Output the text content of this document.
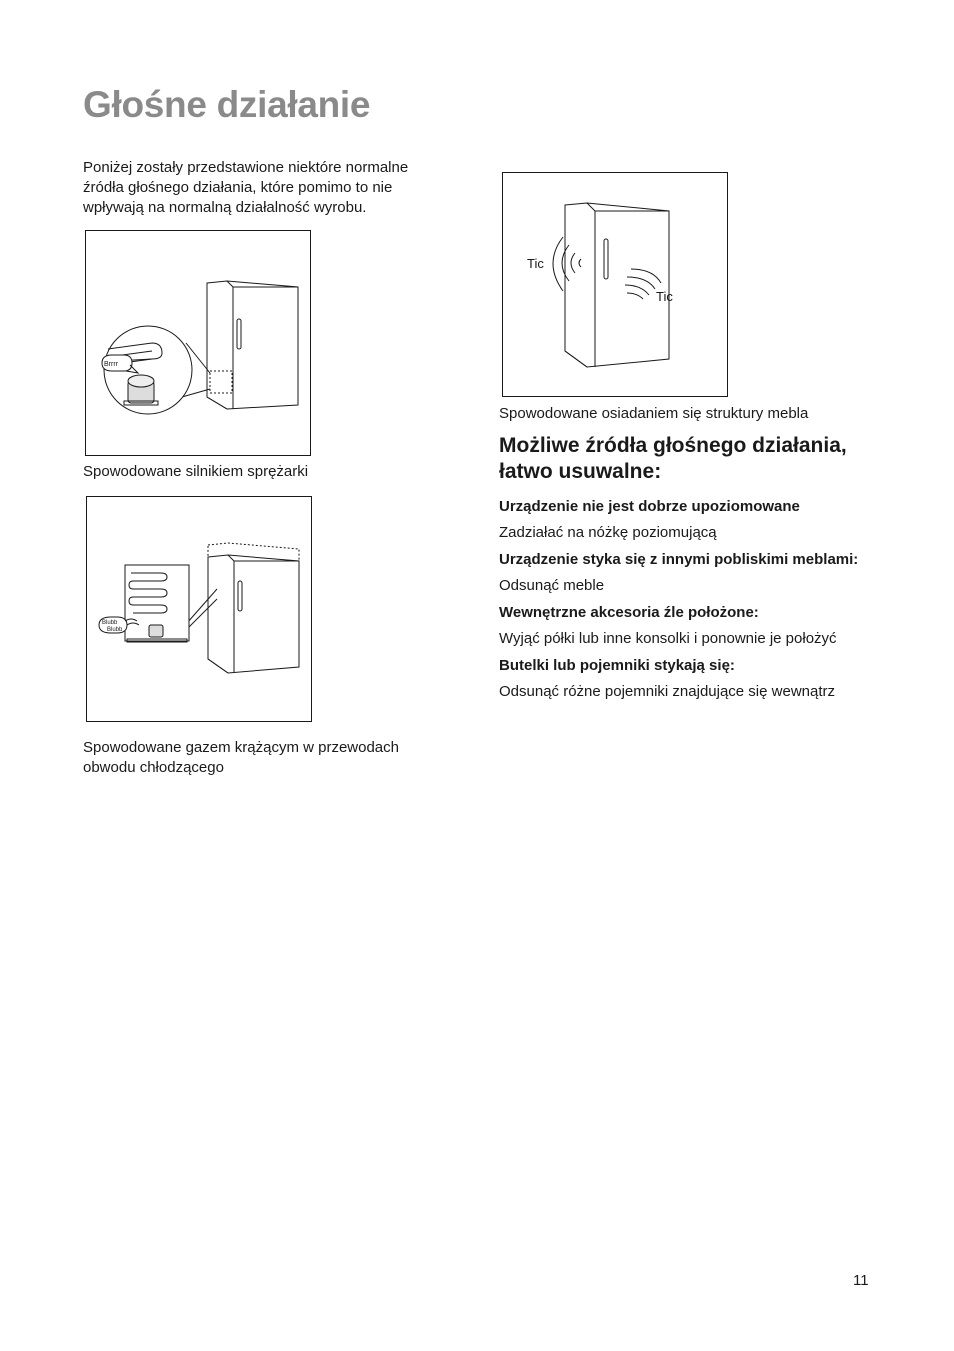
Głośne działanie
Poniżej zostały przedstawione niektóre normalne źródła głośnego działania, które pomimo to nie wpływają na normalną działalność wyrobu.
Brrrr
Spowodowane silnikiem sprężarki
Blubb
Blubb
Spowodowane gazem krążącym w przewodach obwodu chłodzącego
Tic
Tic
Spowodowane osiadaniem się struktury mebla
Możliwe źródła głośnego działania, łatwo usuwalne:
Urządzenie nie jest dobrze upoziomowane
Zadziałać na nóżkę poziomującą
Urządzenie styka się z innymi pobliskimi meblami:
Odsunąć meble
Wewnętrzne akcesoria źle położone:
Wyjąć półki lub inne konsolki i ponownie je położyć
Butelki lub pojemniki stykają się:
Odsunąć różne pojemniki znajdujące się wewnątrz
11
